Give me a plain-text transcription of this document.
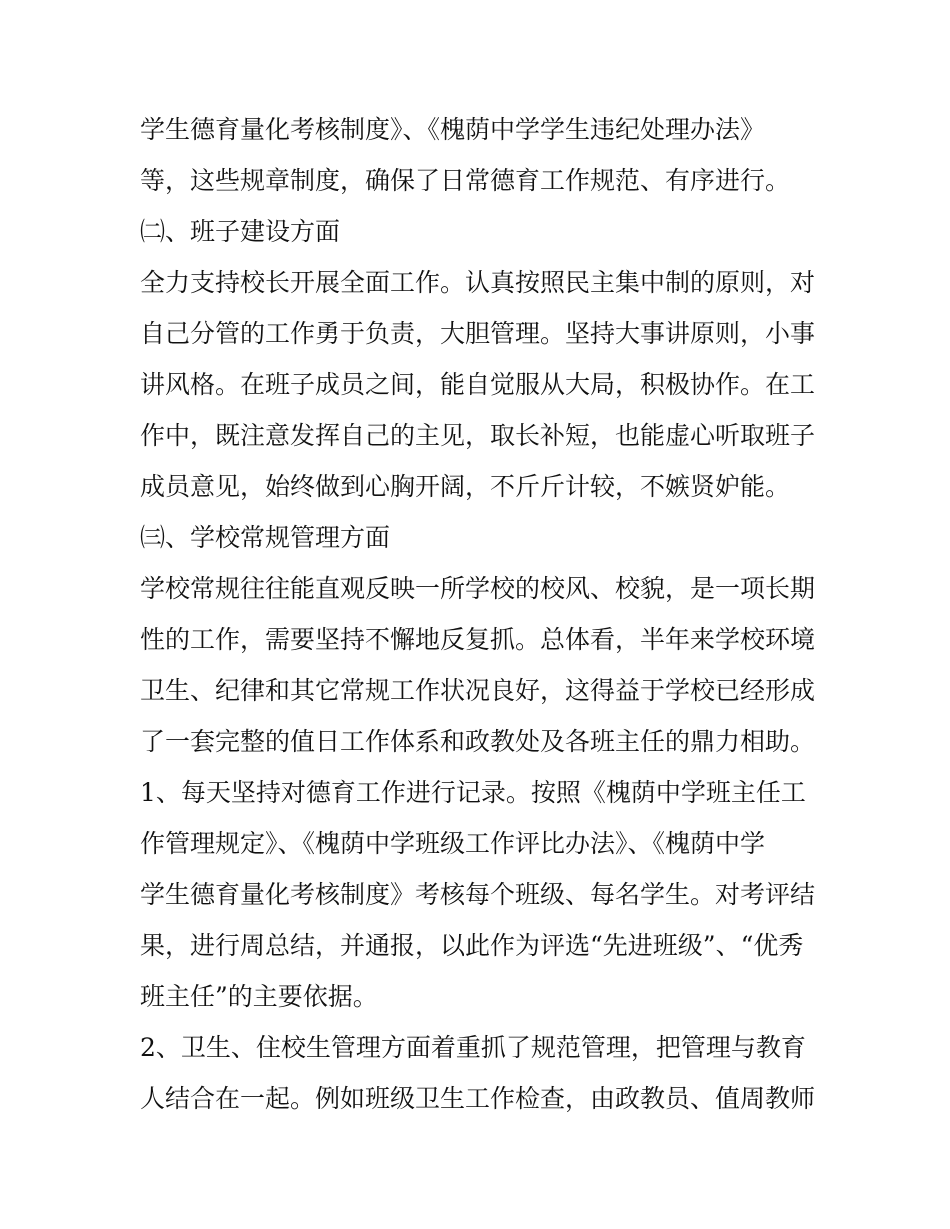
学生德育量化考核制度》、《槐荫中学学生违纪处理办法》
等，这些规章制度，确保了日常德育工作规范、有序进行。
㈡、班子建设方面
全力支持校长开展全面工作。认真按照民主集中制的原则，对
自己分管的工作勇于负责，大胆管理。坚持大事讲原则，小事
讲风格。在班子成员之间，能自觉服从大局，积极协作。在工
作中，既注意发挥自己的主见，取长补短，也能虚心听取班子
成员意见，始终做到心胸开阔，不斤斤计较，不嫉贤妒能。
㈢、学校常规管理方面
学校常规往往能直观反映一所学校的校风、校貌，是一项长期
性的工作，需要坚持不懈地反复抓。总体看，半年来学校环境
卫生、纪律和其它常规工作状况良好，这得益于学校已经形成
了一套完整的值日工作体系和政教处及各班主任的鼎力相助。
1、每天坚持对德育工作进行记录。按照《槐荫中学班主任工
作管理规定》、《槐荫中学班级工作评比办法》、《槐荫中学
学生德育量化考核制度》考核每个班级、每名学生。对考评结
果，进行周总结，并通报，以此作为评选“先进班级”、“优秀
班主任”的主要依据。
2、卫生、住校生管理方面着重抓了规范管理，把管理与教育
人结合在一起。例如班级卫生工作检查，由政教员、值周教师
